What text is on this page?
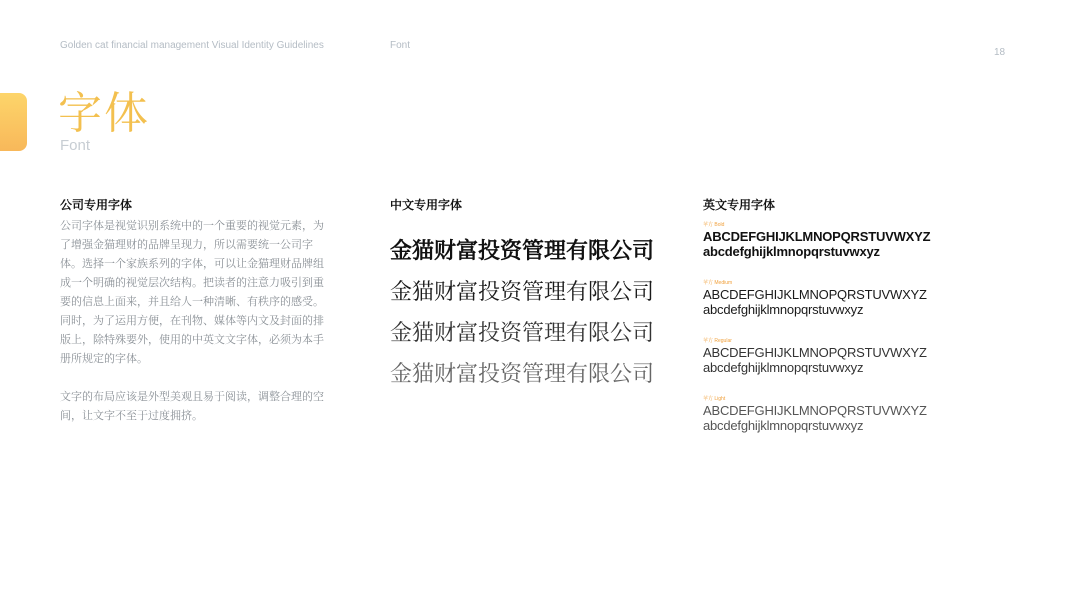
Golden cat financial management Visual Identity Guidelines	Font
18
字体
Font
公司专用字体

公司字体是视觉识别系统中的一个重要的视觉元素，为了增强金猫理财的品牌呈现力，所以需要统一公司字体。选择一个家族系列的字体，可以让金猫理财品牌组成一个明确的视觉层次结构。把读者的注意力吸引到重要的信息上面来，并且给人一种清晰、有秩序的感受。同时，为了运用方便，在刊物、媒体等内文及封面的排版上，除特殊要外，使用的中英文文字体，必须为本手册所规定的字体。

文字的布局应该是外型美观且易于阅读，调整合理的空间，让文字不至于过度拥挤。

中文专用字体

金猫财富投资管理有限公司

金猫财富投资管理有限公司

金猫财富投资管理有限公司

金猫财富投资管理有限公司

英文专用字体
苹方 Bold
ABCDEFGHIJKLMNOPQRSTUVWXYZ
abcdefghijklmnopqrstuvwxyz
苹方 Medium
ABCDEFGHIJKLMNOPQRSTUVWXYZ
abcdefghijklmnopqrstuvwxyz
苹方 Regular
ABCDEFGHIJKLMNOPQRSTUVWXYZ
abcdefghijklmnopqrstuvwxyz
苹方 Light
ABCDEFGHIJKLMNOPQRSTUVWXYZ
abcdefghijklmnopqrstuvwxyz
